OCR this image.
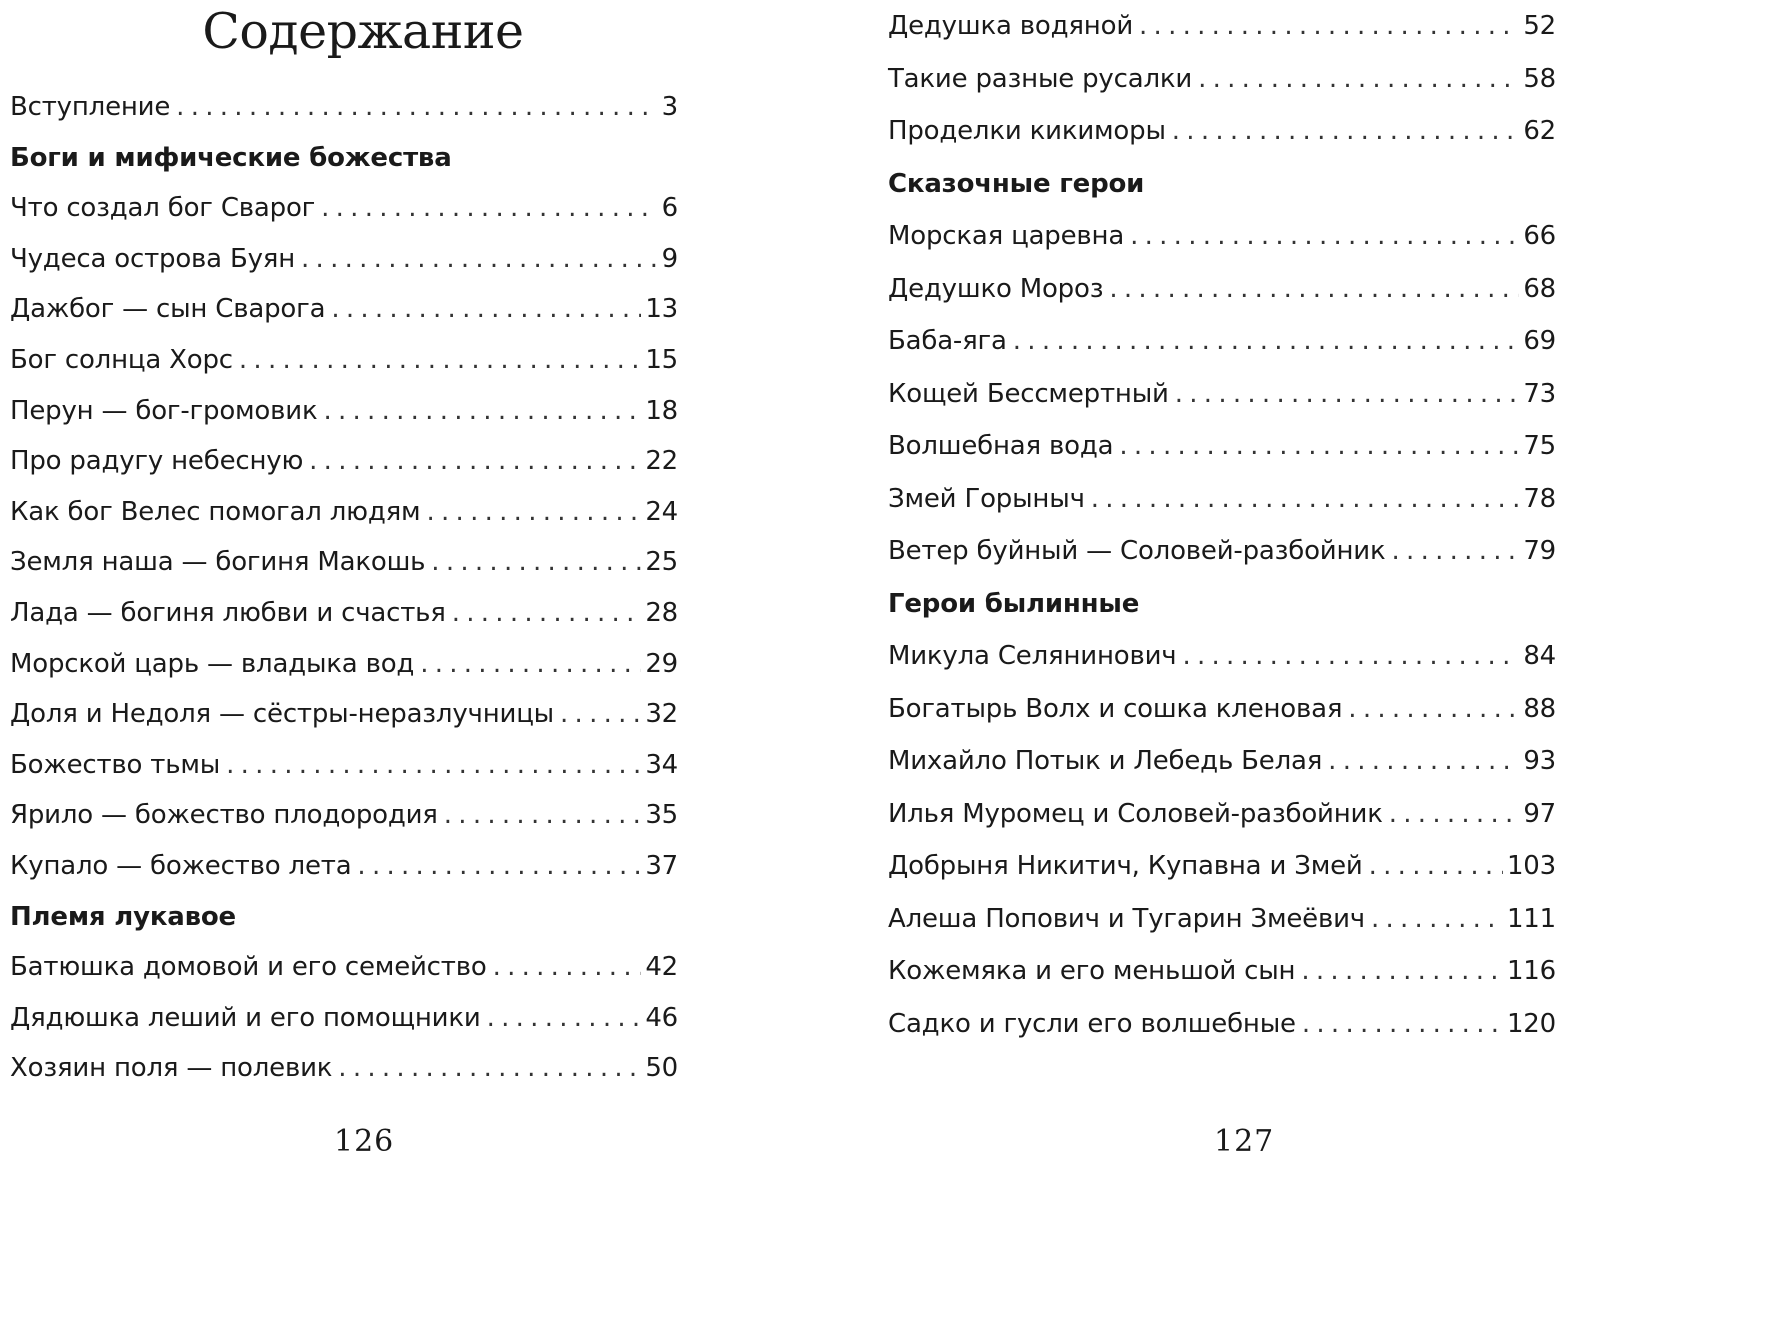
Содержание
Вступление . . .	3
Боги и мифические божества
Что создал бог Сварог . . .	6
Чудеса острова Буян . . .	9
Дажбог — сын Сварога . . .	13
Бог солнца Хорс . . .	15
Перун — бог-громовик . . .	18
Про радугу небесную . . .	22
Как бог Велес помогал людям . . .	24
Земля наша — богиня Макошь . . .	25
Лада — богиня любви и счастья . . .	28
Морской царь — владыка вод . . .	29
Доля и Недоля — сёстры-неразлучницы . . .	32
Божество тьмы . . .	34
Ярило — божество плодородия . . .	35
Купало — божество лета . . .	37
Племя лукавое
Батюшка домовой и его семейство . . .	42
Дядюшка леший и его помощники . . .	46
Хозяин поля — полевик . . .	50
Дедушка водяной . . .	52
Такие разные русалки . . .	58
Проделки кикиморы . . .	62
Сказочные герои
Морская царевна . . .	66
Дедушко Мороз . . .	68
Баба-яга . . .	69
Кощей Бессмертный . . .	73
Волшебная вода . . .	75
Змей Горыныч . . .	78
Ветер буйный — Соловей-разбойник . . .	79
Герои былинные
Микула Селянинович . . .	84
Богатырь Волх и сошка кленовая . . .	88
Михайло Потык и Лебедь Белая . . .	93
Илья Муромец и Соловей-разбойник . . .	97
Добрыня Никитич, Купавна и Змей . . .	103
Алеша Попович и Тугарин Змеёвич . . .	111
Кожемяка и его меньшой сын . . .	116
Садко и гусли его волшебные . . .	120
126	127
